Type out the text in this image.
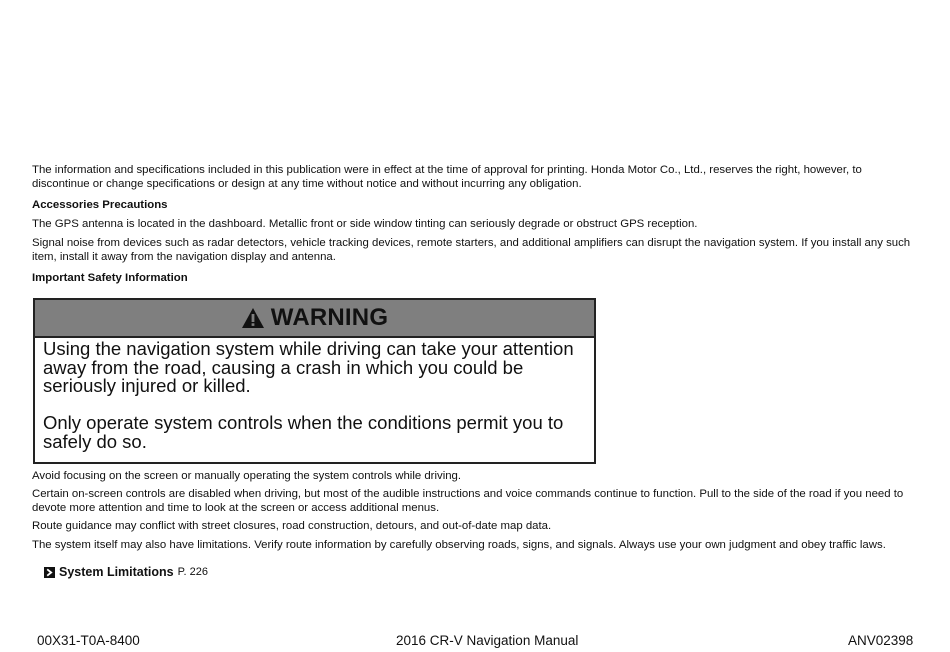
The information and specifications included in this publication were in effect at the time of approval for printing. Honda Motor Co., Ltd., reserves the right, however, to discontinue or change specifications or design at any time without notice and without incurring any obligation.

Accessories Precautions

The GPS antenna is located in the dashboard. Metallic front or side window tinting can seriously degrade or obstruct GPS reception.

Signal noise from devices such as radar detectors, vehicle tracking devices, remote starters, and additional amplifiers can disrupt the navigation system. If you install any such item, install it away from the navigation display and antenna.

Important Safety Information

WARNING

Using the navigation system while driving can take your attention away from the road, causing a crash in which you could be seriously injured or killed.

Only operate system controls when the conditions permit you to safely do so.

Avoid focusing on the screen or manually operating the system controls while driving.

Certain on-screen controls are disabled when driving, but most of the audible instructions and voice commands continue to function. Pull to the side of the road if you need to devote more attention and time to look at the screen or access additional menus.

Route guidance may conflict with street closures, road construction, detours, and out-of-date map data.

The system itself may also have limitations. Verify route information by carefully observing roads, signs, and signals. Always use your own judgment and obey traffic laws.

System Limitations P. 226
00X31-T0A-8400	2016 CR-V Navigation Manual	ANV02398
